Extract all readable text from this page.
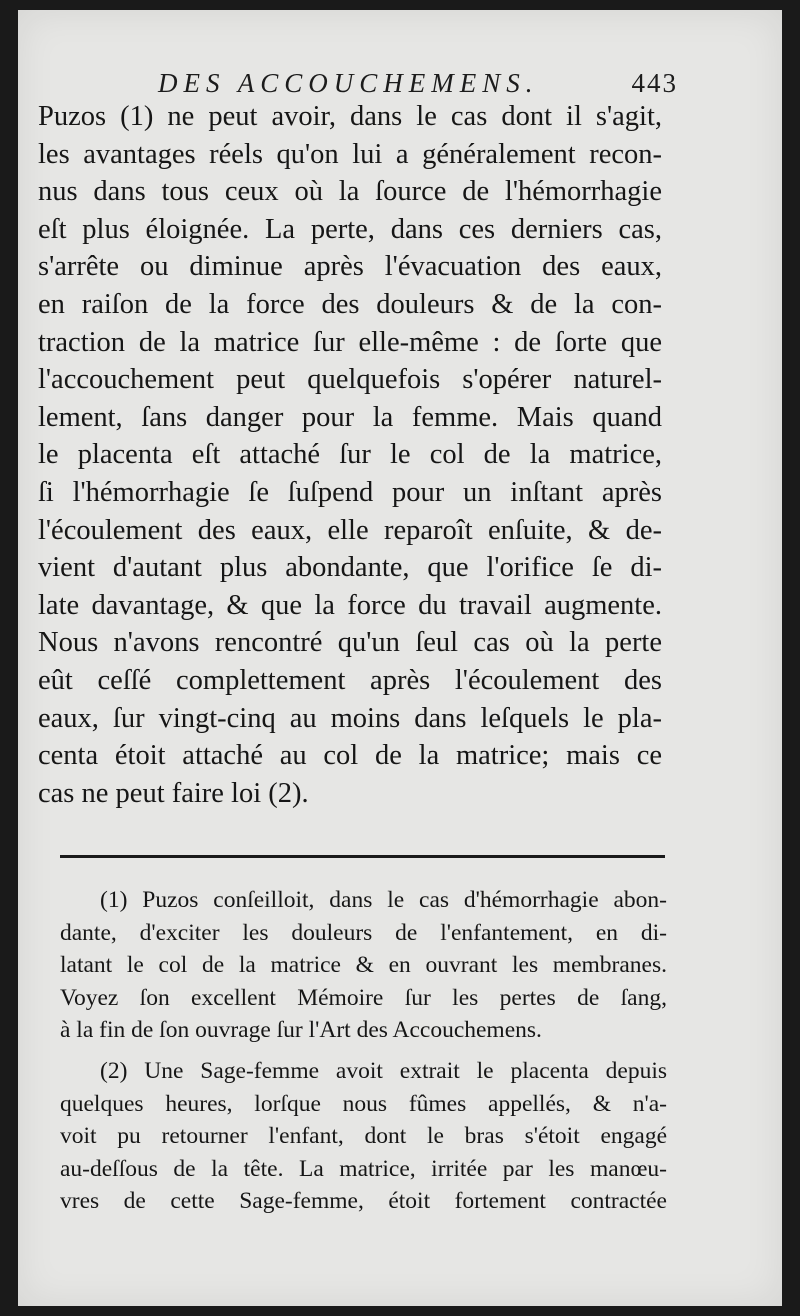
DES ACCOUCHEMENS.	443
Puzos (1) ne peut avoir, dans le cas dont il s'agit,
les avantages réels qu'on lui a généralement recon-
nus dans tous ceux où la ſource de l'hémorrhagie
eſt plus éloignée. La perte, dans ces derniers cas,
s'arrête ou diminue après l'évacuation des eaux,
en raiſon de la force des douleurs & de la con-
traction de la matrice ſur elle-même : de ſorte que
l'accouchement peut quelquefois s'opérer naturel-
lement, ſans danger pour la femme. Mais quand
le placenta eſt attaché ſur le col de la matrice,
ſi l'hémorrhagie ſe ſuſpend pour un inſtant après
l'écoulement des eaux, elle reparoît enſuite, & de-
vient d'autant plus abondante, que l'orifice ſe di-
late davantage, & que la force du travail augmente.
Nous n'avons rencontré qu'un ſeul cas où la perte
eût ceſſé complettement après l'écoulement des
eaux, ſur vingt-cinq au moins dans leſquels le pla-
centa étoit attaché au col de la matrice; mais ce
cas ne peut faire loi (2).
(1) Puzos conſeilloit, dans le cas d'hémorrhagie abon-
dante, d'exciter les douleurs de l'enfantement, en di-
latant le col de la matrice & en ouvrant les membranes.
Voyez ſon excellent Mémoire ſur les pertes de ſang,
à la fin de ſon ouvrage ſur l'Art des Accouchemens.
(2) Une Sage-femme avoit extrait le placenta depuis
quelques heures, lorſque nous fûmes appellés, & n'a-
voit pu retourner l'enfant, dont le bras s'étoit engagé
au-deſſous de la tête. La matrice, irritée par les manœu-
vres de cette Sage-femme, étoit fortement contractée
